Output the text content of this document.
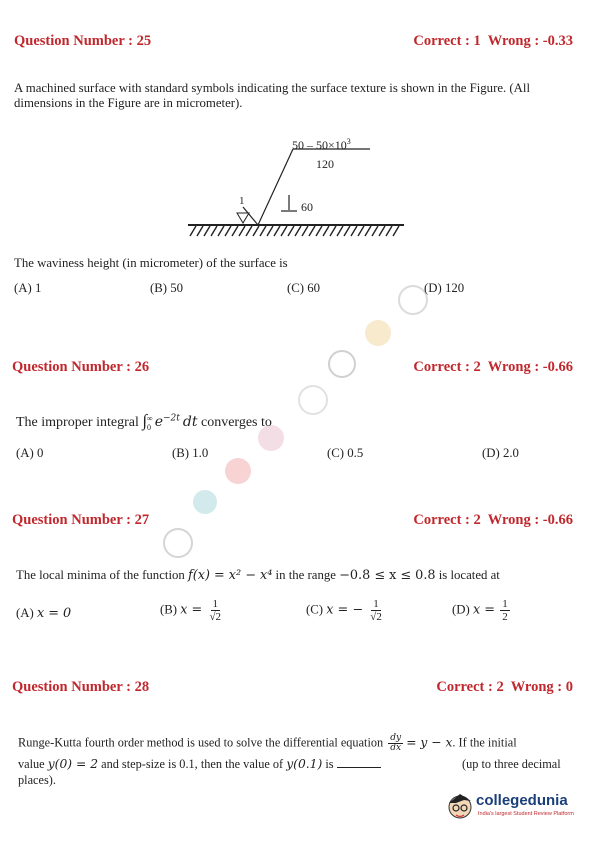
Question Number : 25	Correct : 1  Wrong : -0.33
A machined surface with standard symbols indicating the surface texture is shown in the Figure. (All
dimensions in the Figure are in micrometer).
$50 - 50\times 10^3$
120
60
1
The waviness height (in micrometer) of the surface is
(A) 1	(B) 50	(C) 60	(D) 120
Question Number : 26	Correct : 2  Wrong : -0.66
The improper integral ∫ ∞
0 $e^{-2t}$ dt converges to
(A) 0	(B) 1.0	(C) 0.5	(D) 2.0
Question Number : 27	Correct : 2  Wrong : -0.66
The local minima of the function f(x) = x² − x⁴ in the range −0.8 ≤ x ≤ 0.8 is located at
(A) x = 0	(B) $x = \frac{1}{√2}$	(C) x = − $\frac{1}{√2}$	(D) $x = \frac{1}{2}$
Question Number : 28	Correct : 2  Wrong : 0
Runge-Kutta fourth order method is used to solve the differential equation $\frac{dy}{dx} = y - x$. If the initial
value y(0) = 2 and step-size is 0.1, then the value of y(0.1) is	(up to three decimal
places).
collegedunia
India's largest Student Review Platform
